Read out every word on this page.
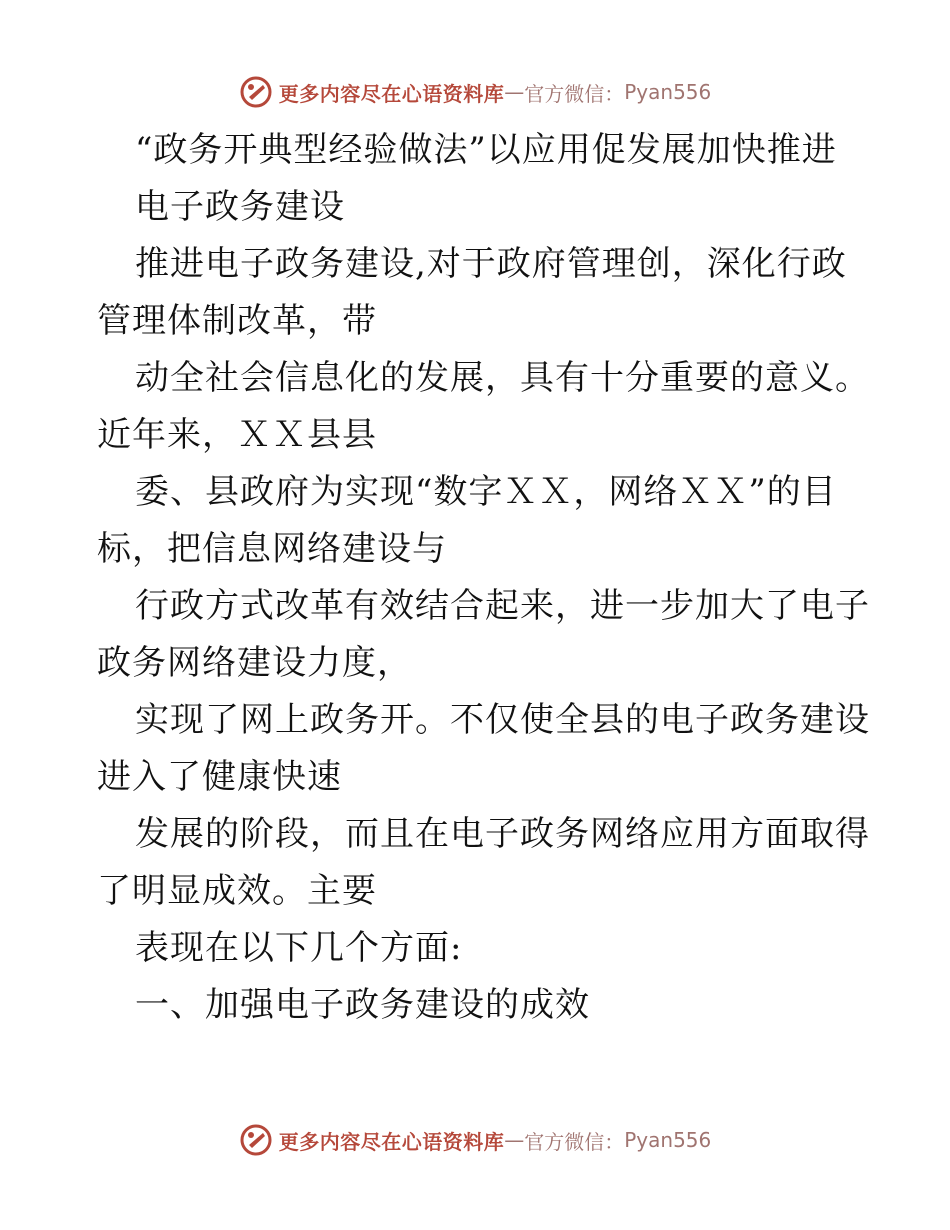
更多内容尽在心语资料库 — 官方微信： Pyan556

“政务开典型经验做法”以应用促发展加快推进

电子政务建设

推进电子政务建设,对于政府管理创，深化行政

管理体制改革，带

动全社会信息化的发展，具有十分重要的意义。

近年来，ＸＸ县县

委、县政府为实现“数字ＸＸ，网络ＸＸ”的目

标，把信息网络建设与

行政方式改革有效结合起来，进一步加大了电子

政务网络建设力度，

实现了网上政务开。不仅使全县的电子政务建设

进入了健康快速

发展的阶段，而且在电子政务网络应用方面取得

了明显成效。主要

表现在以下几个方面:

一、加强电子政务建设的成效

更多内容尽在心语资料库 — 官方微信： Pyan556
